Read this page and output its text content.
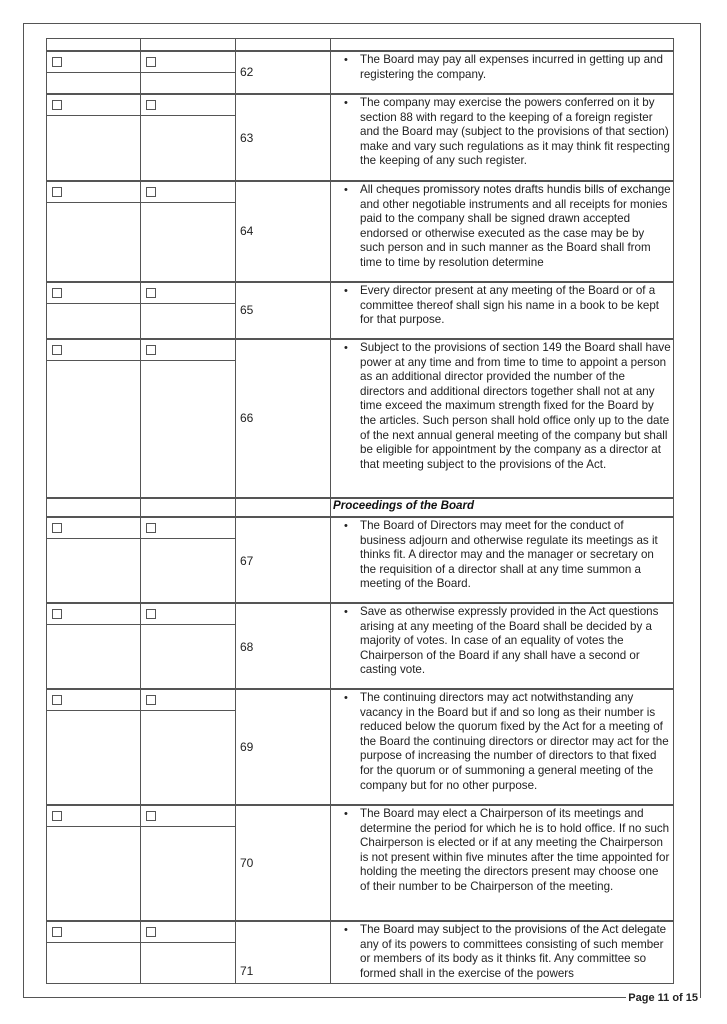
62
• The Board may pay all expenses incurred in getting up and registering the company.
63
• The company may exercise the powers conferred on it by section 88 with regard to the keeping of a foreign register and the Board may (subject to the provisions of that section) make and vary such regulations as it may think fit respecting the keeping of any such register.
64
• All cheques promissory notes drafts hundis bills of exchange and other negotiable instruments and all receipts for monies paid to the company shall be signed drawn accepted endorsed or otherwise executed as the case may be by such person and in such manner as the Board shall from time to time by resolution determine
65
• Every director present at any meeting of the Board or of a committee thereof shall sign his name in a book to be kept for that purpose.
66
• Subject to the provisions of section 149 the Board shall have power at any time and from time to time to appoint a person as an additional director provided the number of the directors and additional directors together shall not at any time exceed the maximum strength fixed for the Board by the articles. Such person shall hold office only up to the date of the next annual general meeting of the company but shall be eligible for appointment by the company as a director at that meeting subject to the provisions of the Act.
Proceedings of the Board
67
• The Board of Directors may meet for the conduct of business adjourn and otherwise regulate its meetings as it thinks fit. A director may and the manager or secretary on the requisition of a director shall at any time summon a meeting of the Board.
68
• Save as otherwise expressly provided in the Act questions arising at any meeting of the Board shall be decided by a majority of votes. In case of an equality of votes the Chairperson of the Board if any shall have a second or casting vote.
69
• The continuing directors may act notwithstanding any vacancy in the Board but if and so long as their number is reduced below the quorum fixed by the Act for a meeting of the Board the continuing directors or director may act for the purpose of increasing the number of directors to that fixed for the quorum or of summoning a general meeting of the company but for no other purpose.
70
• The Board may elect a Chairperson of its meetings and determine the period for which he is to hold office. If no such Chairperson is elected or if at any meeting the Chairperson is not present within five minutes after the time appointed for holding the meeting the directors present may choose one of their number to be Chairperson of the meeting.
71
• The Board may subject to the provisions of the Act delegate any of its powers to committees consisting of such member or members of its body as it thinks fit. Any committee so formed shall in the exercise of the powers
Page 11 of 15
